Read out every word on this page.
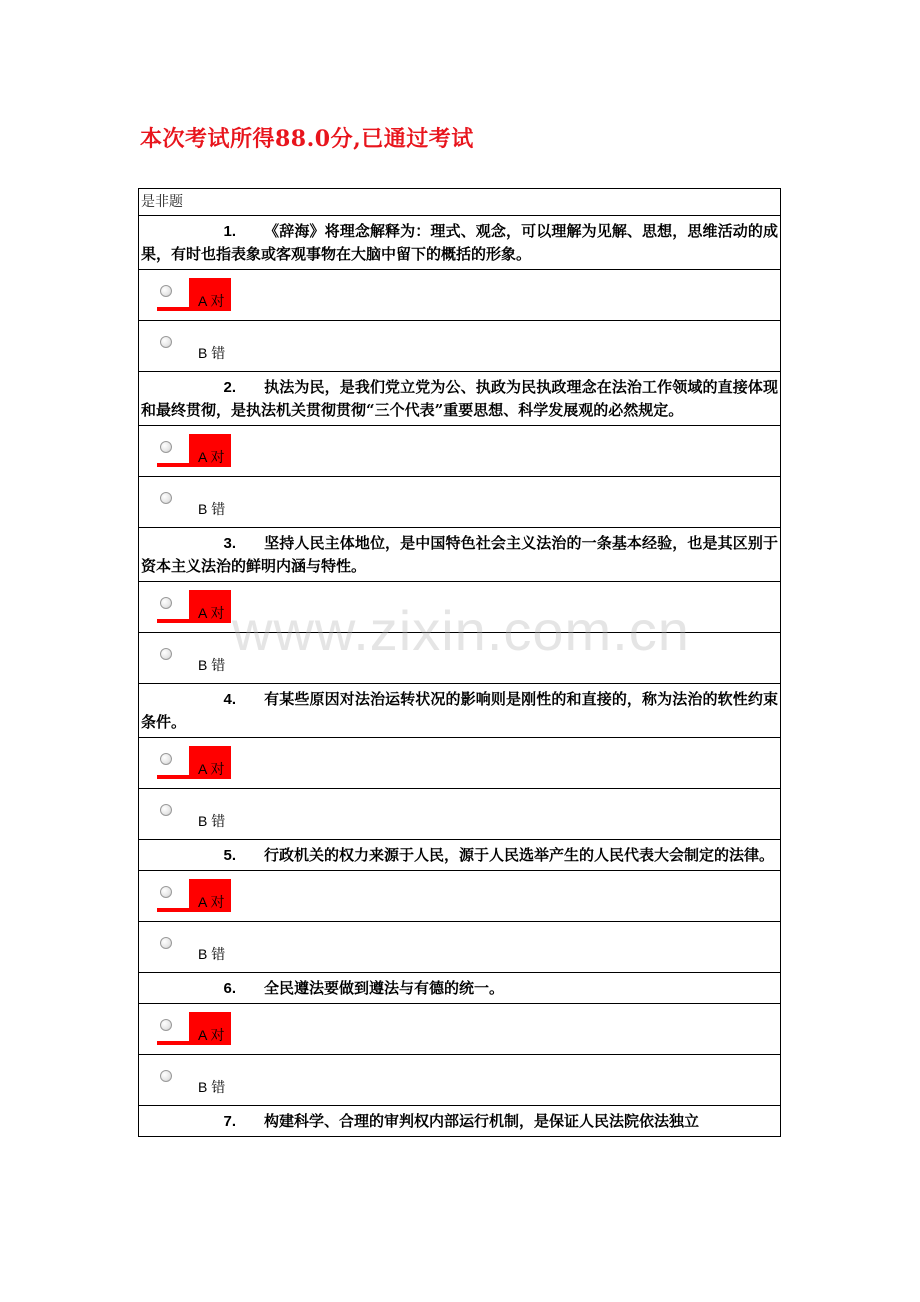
本次考试所得88.0分,已通过考试
是非题
1. 《辞海》将理念解释为：理式、观念，可以理解为见解、思想，思维活动的成果，有时也指表象或客观事物在大脑中留下的概括的形象。

A 对

B 错

2. 执法为民，是我们党立党为公、执政为民执政理念在法治工作领域的直接体现和最终贯彻，是执法机关贯彻贯彻“三个代表”重要思想、科学发展观的必然规定。

A 对

B 错

3. 坚持人民主体地位，是中国特色社会主义法治的一条基本经验，也是其区别于资本主义法治的鲜明内涵与特性。

A 对

B 错

4. 有某些原因对法治运转状况的影响则是刚性的和直接的，称为法治的软性约束条件。

A 对

B 错

5. 行政机关的权力来源于人民，源于人民选举产生的人民代表大会制定的法律。

A 对

B 错

6. 全民遵法要做到遵法与有德的统一。

A 对

B 错

7. 构建科学、合理的审判权内部运行机制，是保证人民法院依法独立
www.zixin.com.cn
